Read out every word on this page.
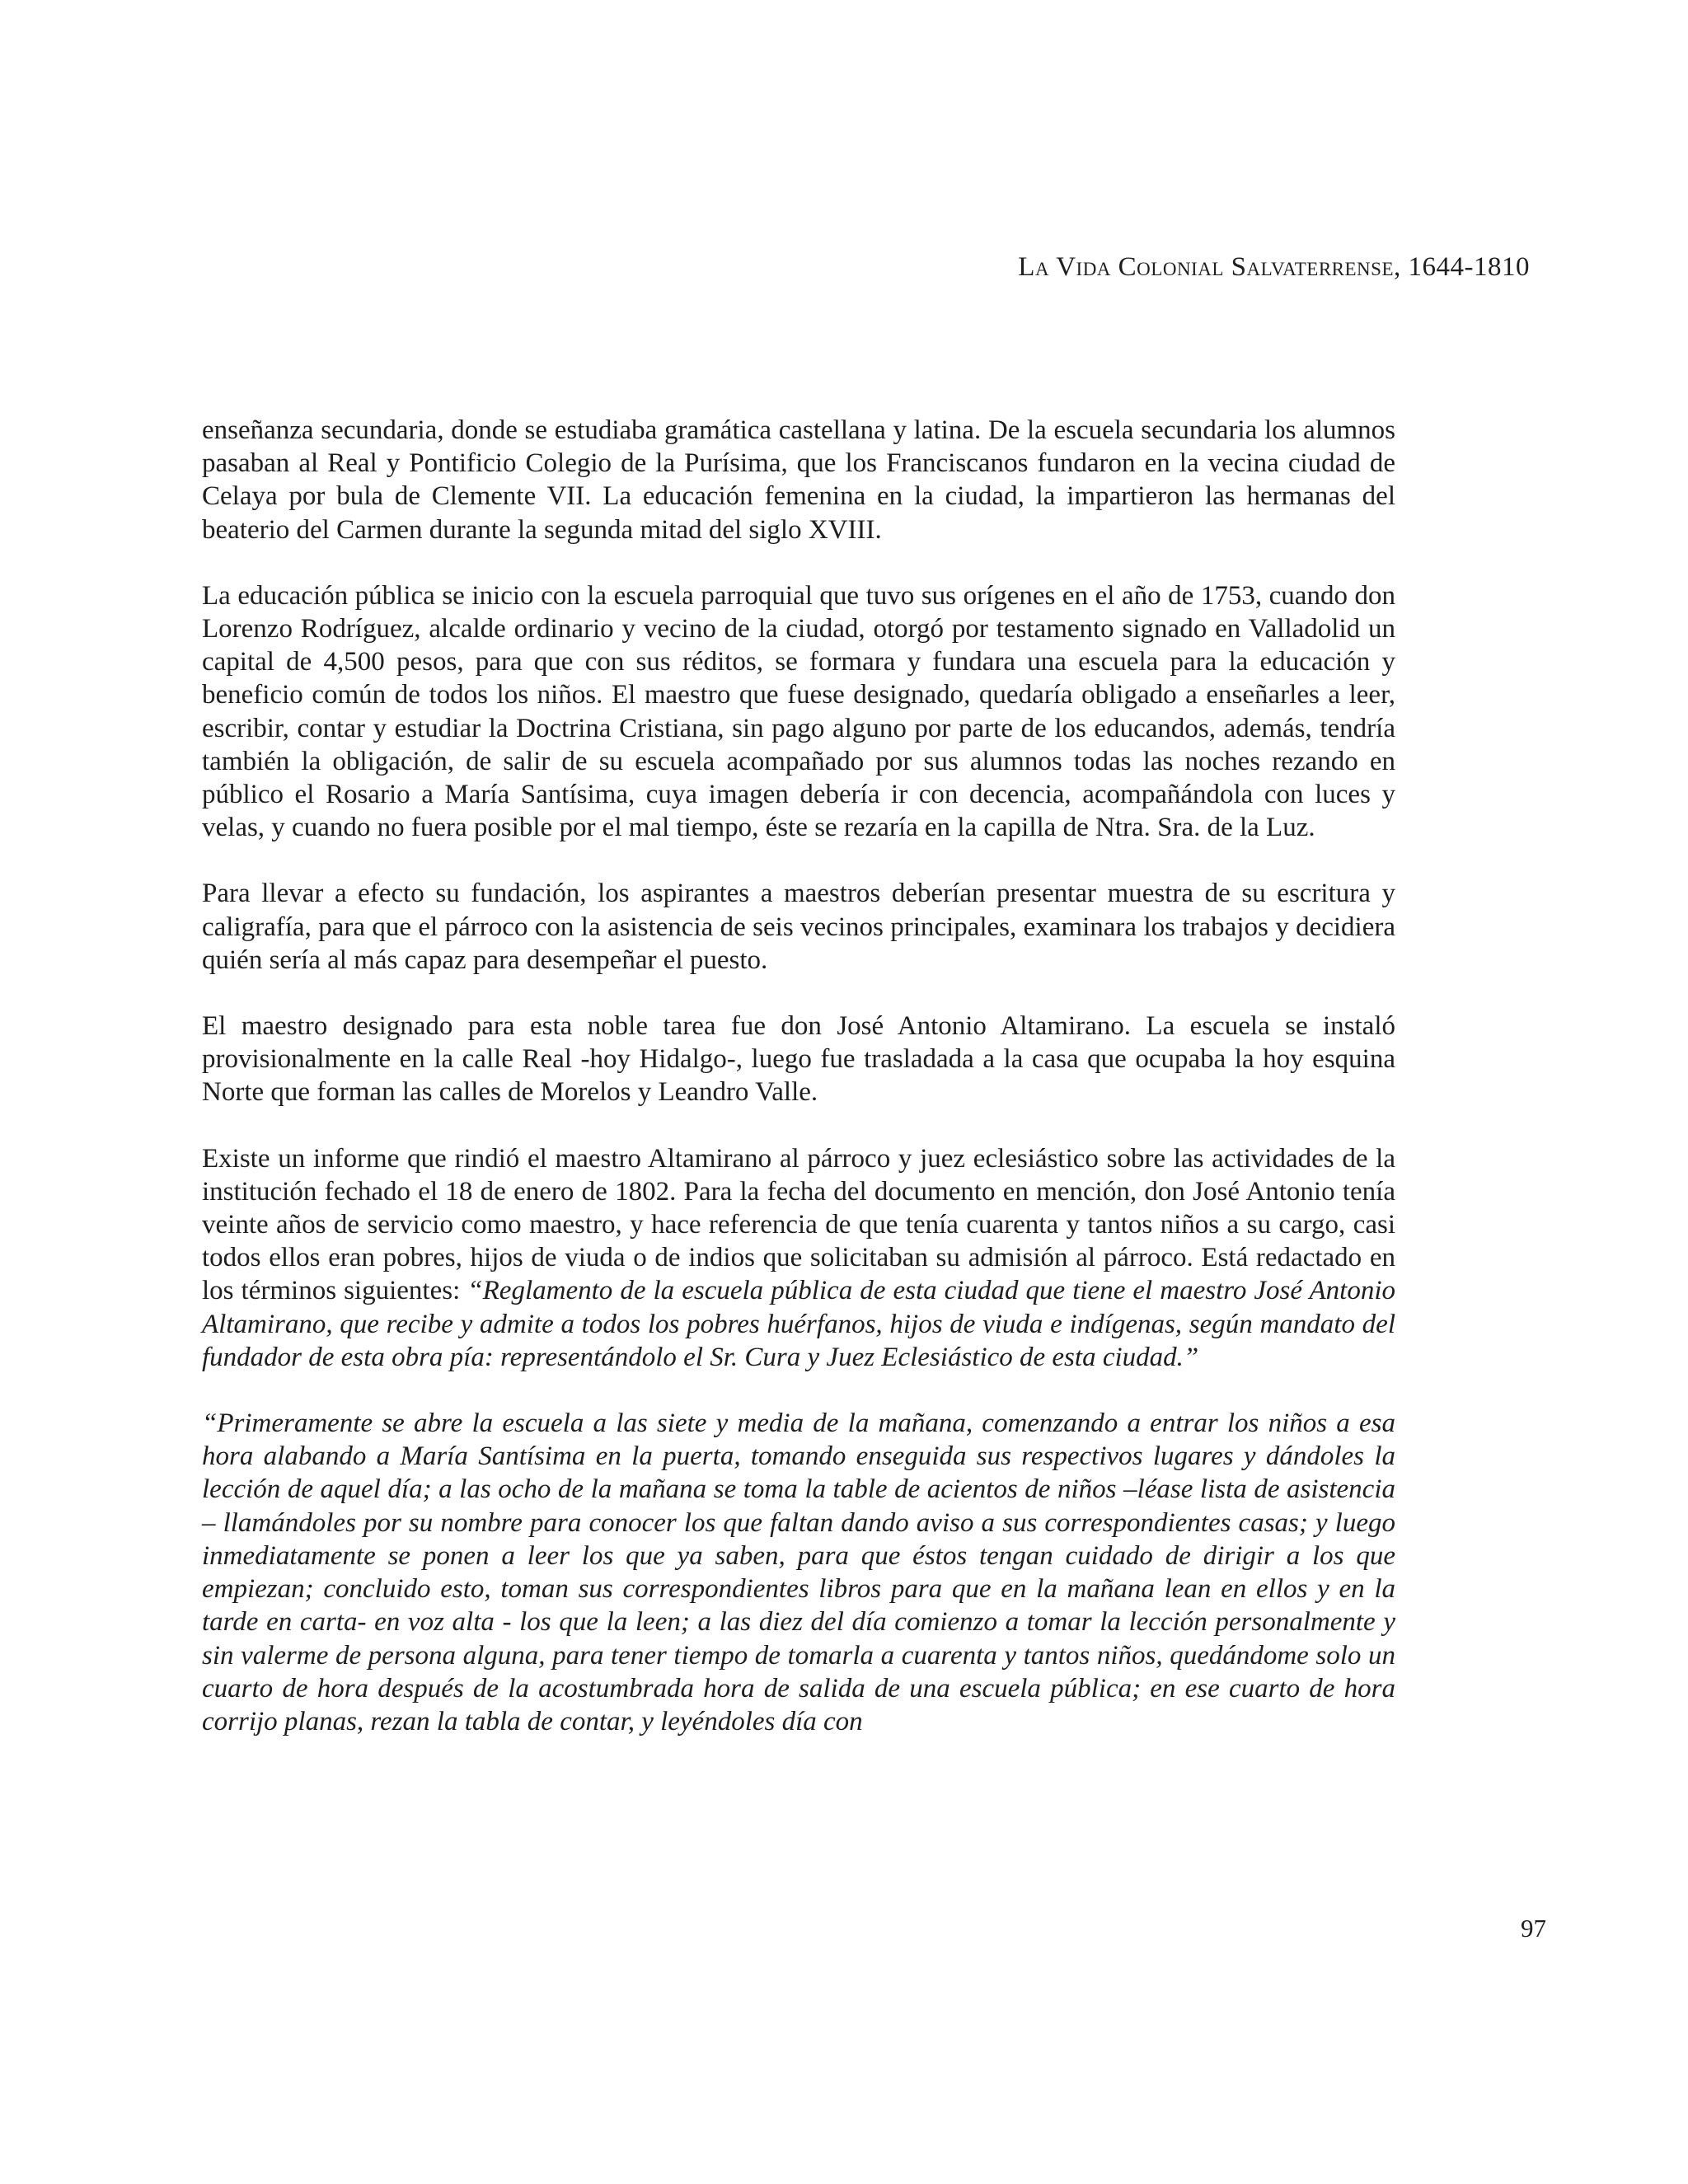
La Vida Colonial Salvaterrense, 1644-1810

enseñanza secundaria, donde se estudiaba gramática castellana y latina. De la escuela secundaria los alumnos pasaban al Real y Pontificio Colegio de la Purísima, que los Franciscanos fundaron en la vecina ciudad de Celaya por bula de Clemente VII. La educación femenina en la ciudad, la impartieron las hermanas del beaterio del Carmen durante la segunda mitad del siglo XVIII.

La educación pública se inicio con la escuela parroquial que tuvo sus orígenes en el año de 1753, cuando don Lorenzo Rodríguez, alcalde ordinario y vecino de la ciudad, otorgó por testamento signado en Valladolid un capital de 4,500 pesos, para que con sus réditos, se formara y fundara una escuela para la educación y beneficio común de todos los niños. El maestro que fuese designado, quedaría obligado a enseñarles a leer, escribir, contar y estudiar la Doctrina Cristiana, sin pago alguno por parte de los educandos, además, tendría también la obligación, de salir de su escuela acompañado por sus alumnos todas las noches rezando en público el Rosario a María Santísima, cuya imagen debería ir con decencia, acompañándola con luces y velas, y cuando no fuera posible por el mal tiempo, éste se rezaría en la capilla de Ntra. Sra. de la Luz.

Para llevar a efecto su fundación, los aspirantes a maestros deberían presentar muestra de su escritura y caligrafía, para que el párroco con la asistencia de seis vecinos principales, examinara los trabajos y decidiera quién sería al más capaz para desempeñar el puesto.

El maestro designado para esta noble tarea fue don José Antonio Altamirano. La escuela se instaló provisionalmente en la calle Real -hoy Hidalgo-, luego fue trasladada a la casa que ocupaba la hoy esquina Norte que forman las calles de Morelos y Leandro Valle.

Existe un informe que rindió el maestro Altamirano al párroco y juez eclesiástico sobre las actividades de la institución fechado el 18 de enero de 1802. Para la fecha del documento en mención, don José Antonio tenía veinte años de servicio como maestro, y hace referencia de que tenía cuarenta y tantos niños a su cargo, casi todos ellos eran pobres, hijos de viuda o de indios que solicitaban su admisión al párroco. Está redactado en los términos siguientes: “Reglamento de la escuela pública de esta ciudad que tiene el maestro José Antonio Altamirano, que recibe y admite a todos los pobres huérfanos, hijos de viuda e indígenas, según mandato del fundador de esta obra pía: representándolo el Sr. Cura y Juez Eclesiástico de esta ciudad.”

“Primeramente se abre la escuela a las siete y media de la mañana, comenzando a entrar los niños a esa hora alabando a María Santísima en la puerta, tomando enseguida sus respectivos lugares y dándoles la lección de aquel día; a las ocho de la mañana se toma la table de acientos de niños –léase lista de asistencia – llamándoles por su nombre para conocer los que faltan dando aviso a sus correspondientes casas; y luego inmediatamente se ponen a leer los que ya saben, para que éstos tengan cuidado de dirigir a los que empiezan; concluido esto, toman sus correspondientes libros para que en la mañana lean en ellos y en la tarde en carta- en voz alta - los que la leen; a las diez del día comienzo a tomar la lección personalmente y sin valerme de persona alguna, para tener tiempo de tomarla a cuarenta y tantos niños, quedándome solo un cuarto de hora después de la acostumbrada hora de salida de una escuela pública; en ese cuarto de hora corrijo planas, rezan la tabla de contar, y leyéndoles día con

97
